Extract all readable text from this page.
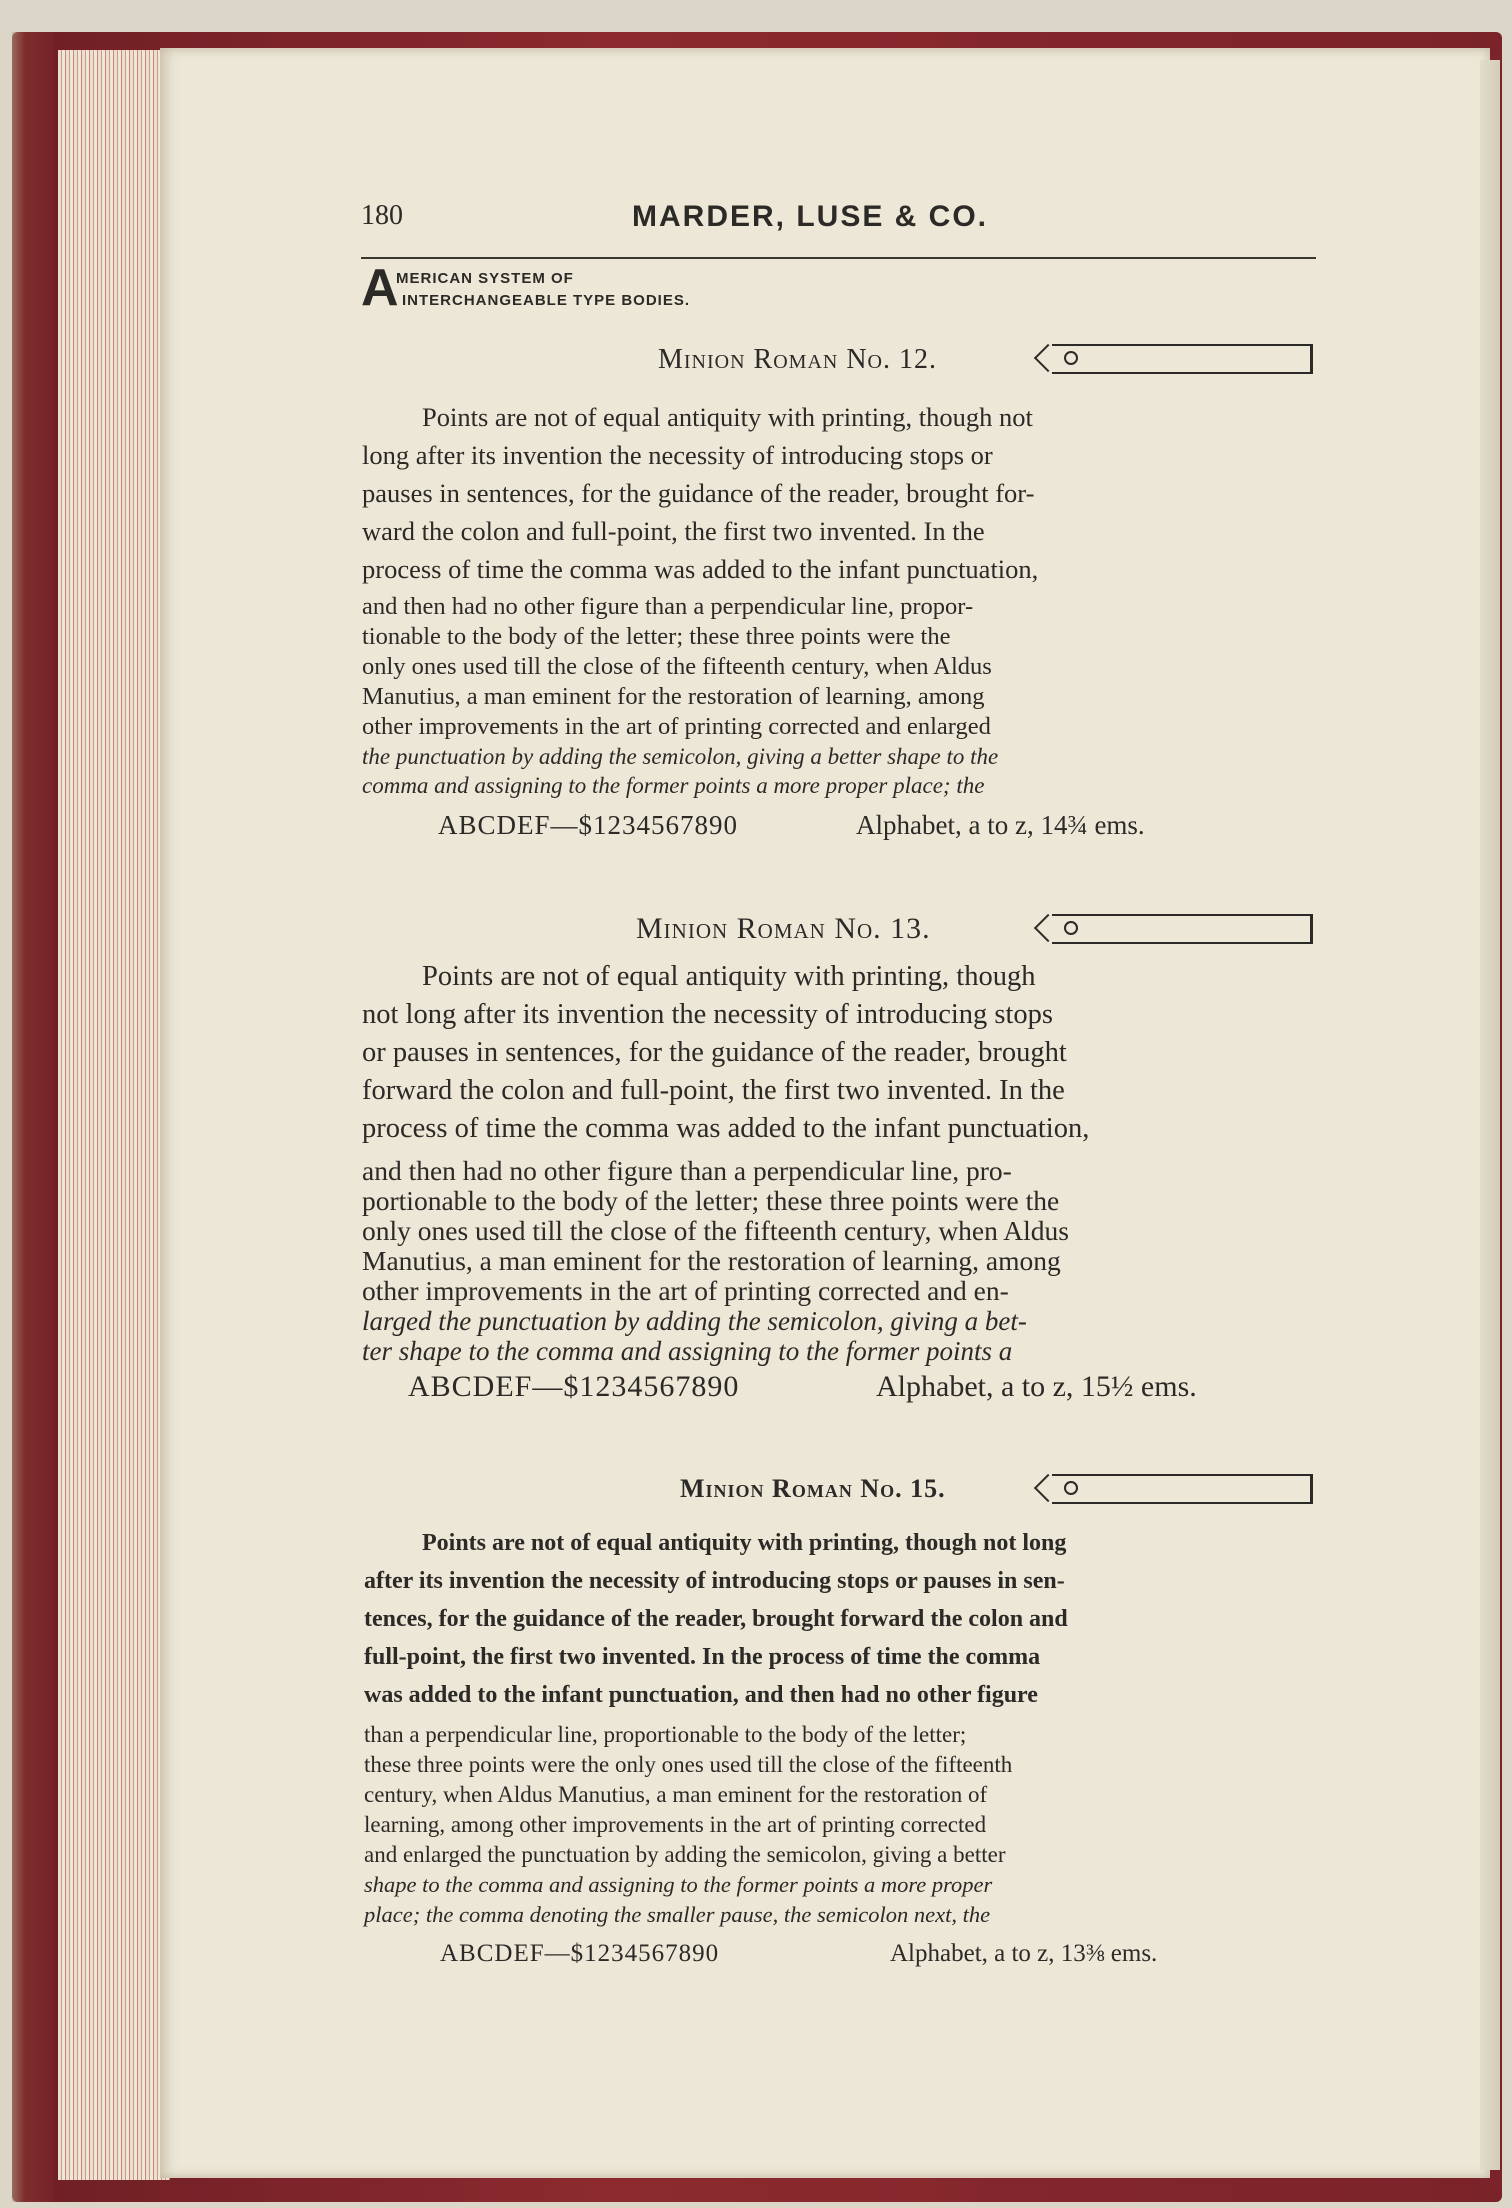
180	MARDER, LUSE & CO.
A
MERICAN SYSTEM OF
INTERCHANGEABLE TYPE BODIES.
Minion Roman No. 12.
Points are not of equal antiquity with printing, though not
long after its invention the necessity of introducing stops or
pauses in sentences, for the guidance of the reader, brought for-
ward the colon and full-point, the first two invented. In the
process of time the comma was added to the infant punctuation,
and then had no other figure than a perpendicular line, propor-
tionable to the body of the letter; these three points were the
only ones used till the close of the fifteenth century, when Aldus
Manutius, a man eminent for the restoration of learning, among
other improvements in the art of printing corrected and enlarged
the punctuation by adding the semicolon, giving a better shape to the
comma and assigning to the former points a more proper place; the
ABCDEF—$1234567890	Alphabet, a to z, 14¾ ems.
Minion Roman No. 13.
Points are not of equal antiquity with printing, though
not long after its invention the necessity of introducing stops
or pauses in sentences, for the guidance of the reader, brought
forward the colon and full-point, the first two invented. In the
process of time the comma was added to the infant punctuation,
and then had no other figure than a perpendicular line, pro-
portionable to the body of the letter; these three points were the
only ones used till the close of the fifteenth century, when Aldus
Manutius, a man eminent for the restoration of learning, among
other improvements in the art of printing corrected and en-
larged the punctuation by adding the semicolon, giving a bet-
ter shape to the comma and assigning to the former points a
ABCDEF—$1234567890	Alphabet, a to z, 15½ ems.
Minion Roman No. 15.
Points are not of equal antiquity with printing, though not long
after its invention the necessity of introducing stops or pauses in sen-
tences, for the guidance of the reader, brought forward the colon and
full-point, the first two invented. In the process of time the comma
was added to the infant punctuation, and then had no other figure
than a perpendicular line, proportionable to the body of the letter;
these three points were the only ones used till the close of the fifteenth
century, when Aldus Manutius, a man eminent for the restoration of
learning, among other improvements in the art of printing corrected
and enlarged the punctuation by adding the semicolon, giving a better
shape to the comma and assigning to the former points a more proper
place; the comma denoting the smaller pause, the semicolon next, the
ABCDEF—$1234567890	Alphabet, a to z, 13⅜ ems.
